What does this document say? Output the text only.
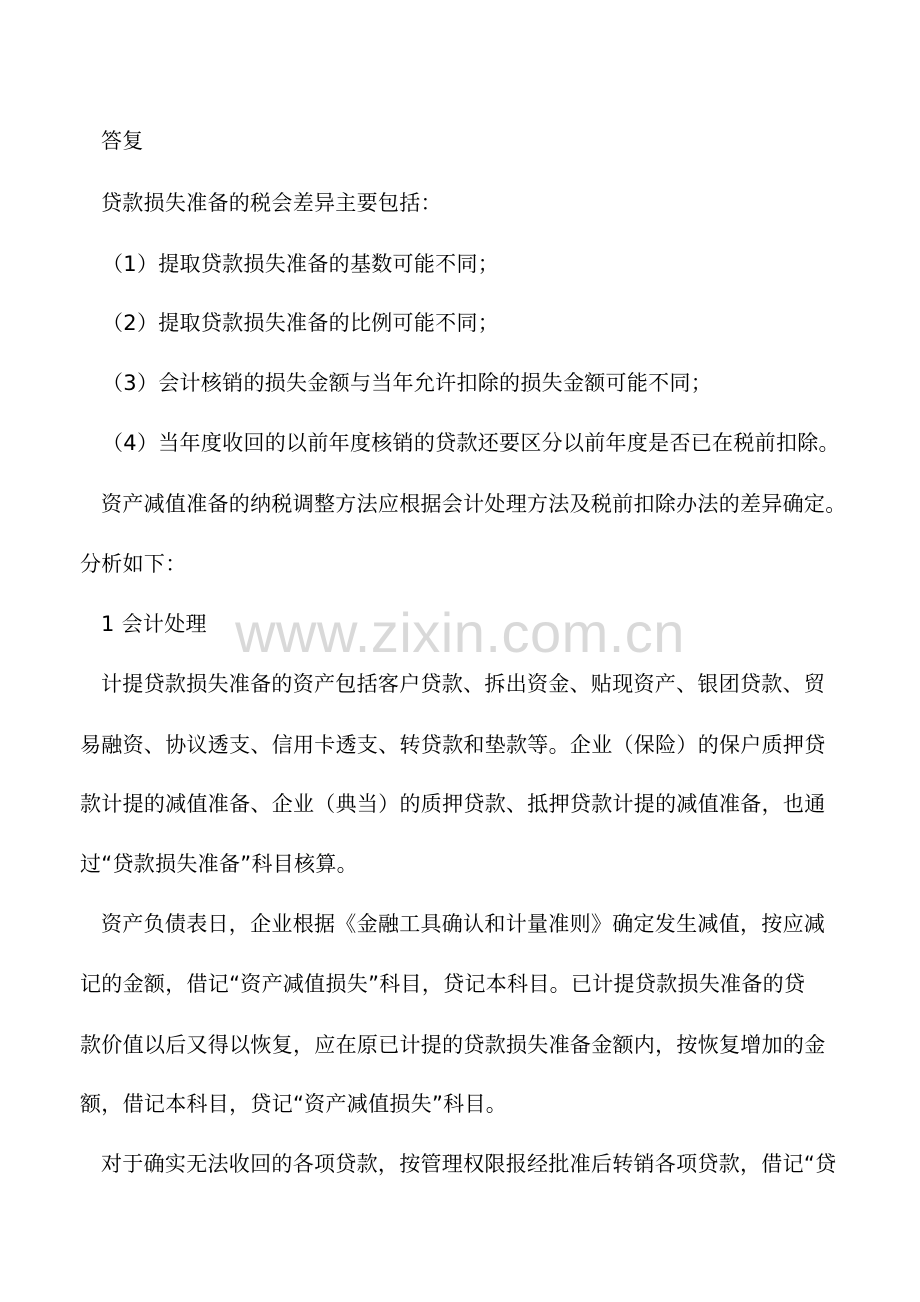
www.zixin.com.cn
答复
贷款损失准备的税会差异主要包括：
（1）提取贷款损失准备的基数可能不同；
（2）提取贷款损失准备的比例可能不同；
（3）会计核销的损失金额与当年允许扣除的损失金额可能不同；
（4）当年度收回的以前年度核销的贷款还要区分以前年度是否已在税前扣除。
资产减值准备的纳税调整方法应根据会计处理方法及税前扣除办法的差异确定。
分析如下：
1 会计处理
计提贷款损失准备的资产包括客户贷款、拆出资金、贴现资产、银团贷款、贸
易融资、协议透支、信用卡透支、转贷款和垫款等。企业（保险）的保户质押贷
款计提的减值准备、企业（典当）的质押贷款、抵押贷款计提的减值准备，也通
过“贷款损失准备”科目核算。
资产负债表日，企业根据《金融工具确认和计量准则》确定发生减值，按应减
记的金额，借记“资产减值损失”科目，贷记本科目。已计提贷款损失准备的贷
款价值以后又得以恢复，应在原已计提的贷款损失准备金额内，按恢复增加的金
额，借记本科目，贷记“资产减值损失”科目。
对于确实无法收回的各项贷款，按管理权限报经批准后转销各项贷款，借记“贷
